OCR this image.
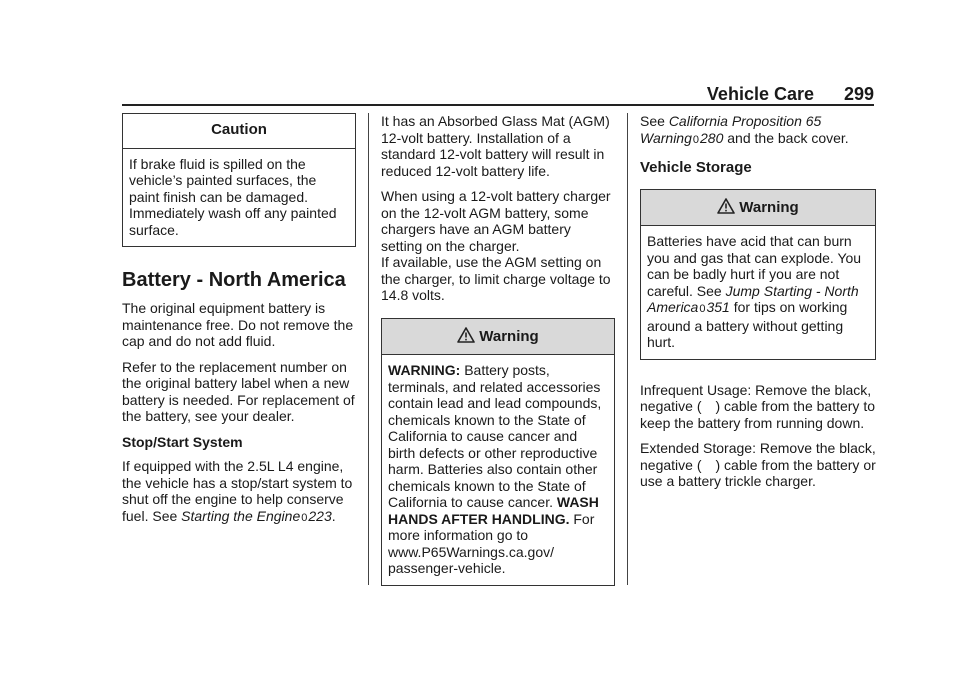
Vehicle Care 299
Caution
If brake fluid is spilled on the vehicle’s painted surfaces, the paint finish can be damaged. Immediately wash off any painted surface.
Battery - North America

The original equipment battery is maintenance free. Do not remove the cap and do not add fluid.

Refer to the replacement number on the original battery label when a new battery is needed. For replacement of the battery, see your dealer.

Stop/Start System

If equipped with the 2.5L L4 engine, the vehicle has a stop/start system to shut off the engine to help conserve fuel. See Starting the Engine0223.

It has an Absorbed Glass Mat (AGM) 12-volt battery. Installation of a standard 12-volt battery will result in reduced 12-volt battery life.

When using a 12-volt battery charger on the 12-volt AGM battery, some chargers have an AGM battery setting on the charger.
If available, use the AGM setting on the charger, to limit charge voltage to 14.8 volts.

Warning
WARNING: Battery posts, terminals, and related accessories contain lead and lead compounds, chemicals known to the State of California to cause cancer and birth defects or other reproductive harm. Batteries also contain other chemicals known to the State of California to cause cancer. WASH HANDS AFTER HANDLING. For more information go to www.P65Warnings.ca.gov/ passenger-vehicle.

See California Proposition 65 Warning0280 and the back cover.

Vehicle Storage
Warning
Batteries have acid that can burn you and gas that can explode. You can be badly hurt if you are not careful. See Jump Starting - North America0351 for tips on working around a battery without getting hurt.

Infrequent Usage: Remove the black, negative ( ) cable from the battery to keep the battery from running down.

Extended Storage: Remove the black, negative ( ) cable from the battery or use a battery trickle charger.
